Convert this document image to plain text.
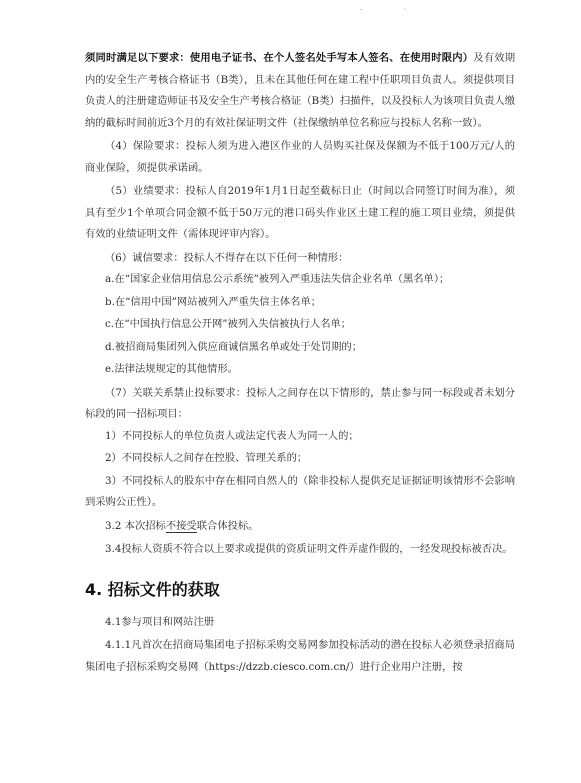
- ·

须同时满足以下要求：使用电子证书、在个人签名处手写本人签名、在使用时限内）及有效期内的安全生产考核合格证书（B类），且未在其他任何在建工程中任职项目负责人。须提供项目负责人的注册建造师证书及安全生产考核合格证（B类）扫描件，以及投标人为该项目负责人缴纳的截标时间前近3个月的有效社保证明文件（社保缴纳单位名称应与投标人名称一致）。

（4）保险要求：投标人须为进入港区作业的人员购买社保及保额为不低于100万元/人的商业保险，须提供承诺函。

（5）业绩要求：投标人自2019年1月1日起至截标日止（时间以合同签订时间为准），须具有至少1个单项合同金额不低于50万元的港口码头作业区土建工程的施工项目业绩，须提供有效的业绩证明文件（需体现评审内容）。

（6）诚信要求：投标人不得存在以下任何一种情形：

a.在“国家企业信用信息公示系统”被列入严重违法失信企业名单（黑名单）；

b.在“信用中国”网站被列入严重失信主体名单；

c.在“中国执行信息公开网”被列入失信被执行人名单；

d.被招商局集团列入供应商诚信黑名单或处于处罚期的；

e.法律法规规定的其他情形。

（7）关联关系禁止投标要求：投标人之间存在以下情形的，禁止参与同一标段或者未划分标段的同一招标项目：

1）不同投标人的单位负责人或法定代表人为同一人的；

2）不同投标人之间存在控股、管理关系的；

3）不同投标人的股东中存在相同自然人的（除非投标人提供充足证据证明该情形不会影响到采购公正性）。

3.2 本次招标不接受联合体投标。

3.4投标人资质不符合以上要求或提供的资质证明文件弄虚作假的，一经发现投标被否决。

4. 招标文件的获取

4.1参与项目和网站注册

4.1.1凡首次在招商局集团电子招标采购交易网参加投标活动的潜在投标人必须登录招商局集团电子招标采购交易网（https://dzzb.ciesco.com.cn/）进行企业用户注册，按
